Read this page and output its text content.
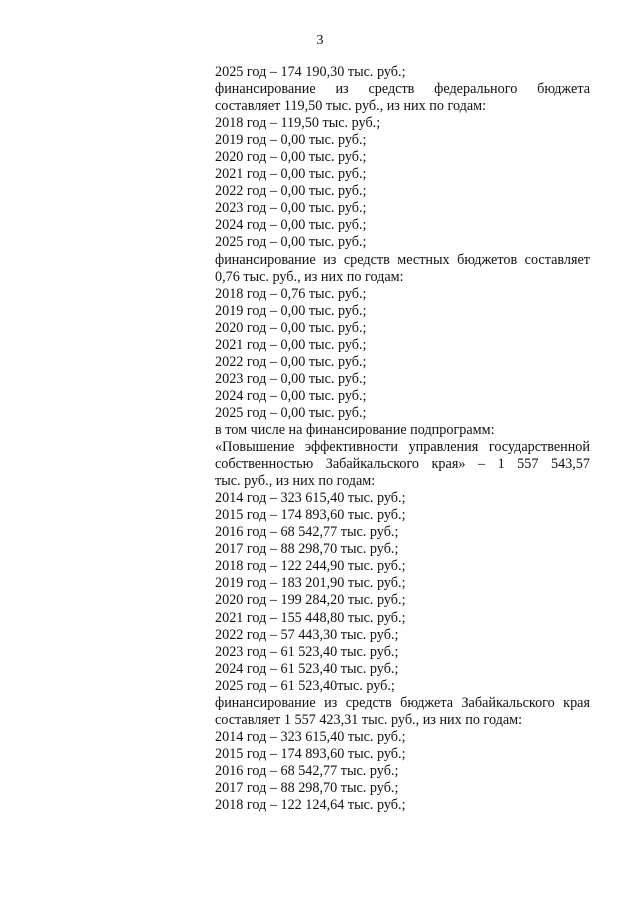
3
2025 год – 174 190,30 тыс. руб.;
финансирование из средств федерального бюджета
составляет 119,50 тыс. руб., из них по годам:
2018 год – 119,50 тыс. руб.;
2019 год – 0,00 тыс. руб.;
2020 год – 0,00 тыс. руб.;
2021 год – 0,00 тыс. руб.;
2022 год – 0,00 тыс. руб.;
2023 год – 0,00 тыс. руб.;
2024 год – 0,00 тыс. руб.;
2025 год – 0,00 тыс. руб.;
финансирование из средств местных бюджетов составляет
0,76 тыс. руб., из них по годам:
2018 год – 0,76 тыс. руб.;
2019 год – 0,00 тыс. руб.;
2020 год – 0,00 тыс. руб.;
2021 год – 0,00 тыс. руб.;
2022 год – 0,00 тыс. руб.;
2023 год – 0,00 тыс. руб.;
2024 год – 0,00 тыс. руб.;
2025 год – 0,00 тыс. руб.;
в том числе на финансирование подпрограмм:
«Повышение эффективности управления государственной
собственностью Забайкальского края» – 1 557 543,57
тыс. руб., из них по годам:
2014 год – 323 615,40 тыс. руб.;
2015 год – 174 893,60 тыс. руб.;
2016 год – 68 542,77 тыс. руб.;
2017 год – 88 298,70 тыс. руб.;
2018 год – 122 244,90 тыс. руб.;
2019 год – 183 201,90 тыс. руб.;
2020 год – 199 284,20 тыс. руб.;
2021 год – 155 448,80 тыс. руб.;
2022 год – 57 443,30 тыс. руб.;
2023 год – 61 523,40 тыс. руб.;
2024 год – 61 523,40 тыс. руб.;
2025 год – 61 523,40тыс. руб.;
финансирование из средств бюджета Забайкальского края
составляет 1 557 423,31 тыс. руб., из них по годам:
2014 год – 323 615,40 тыс. руб.;
2015 год – 174 893,60 тыс. руб.;
2016 год – 68 542,77 тыс. руб.;
2017 год – 88 298,70 тыс. руб.;
2018 год – 122 124,64 тыс. руб.;
